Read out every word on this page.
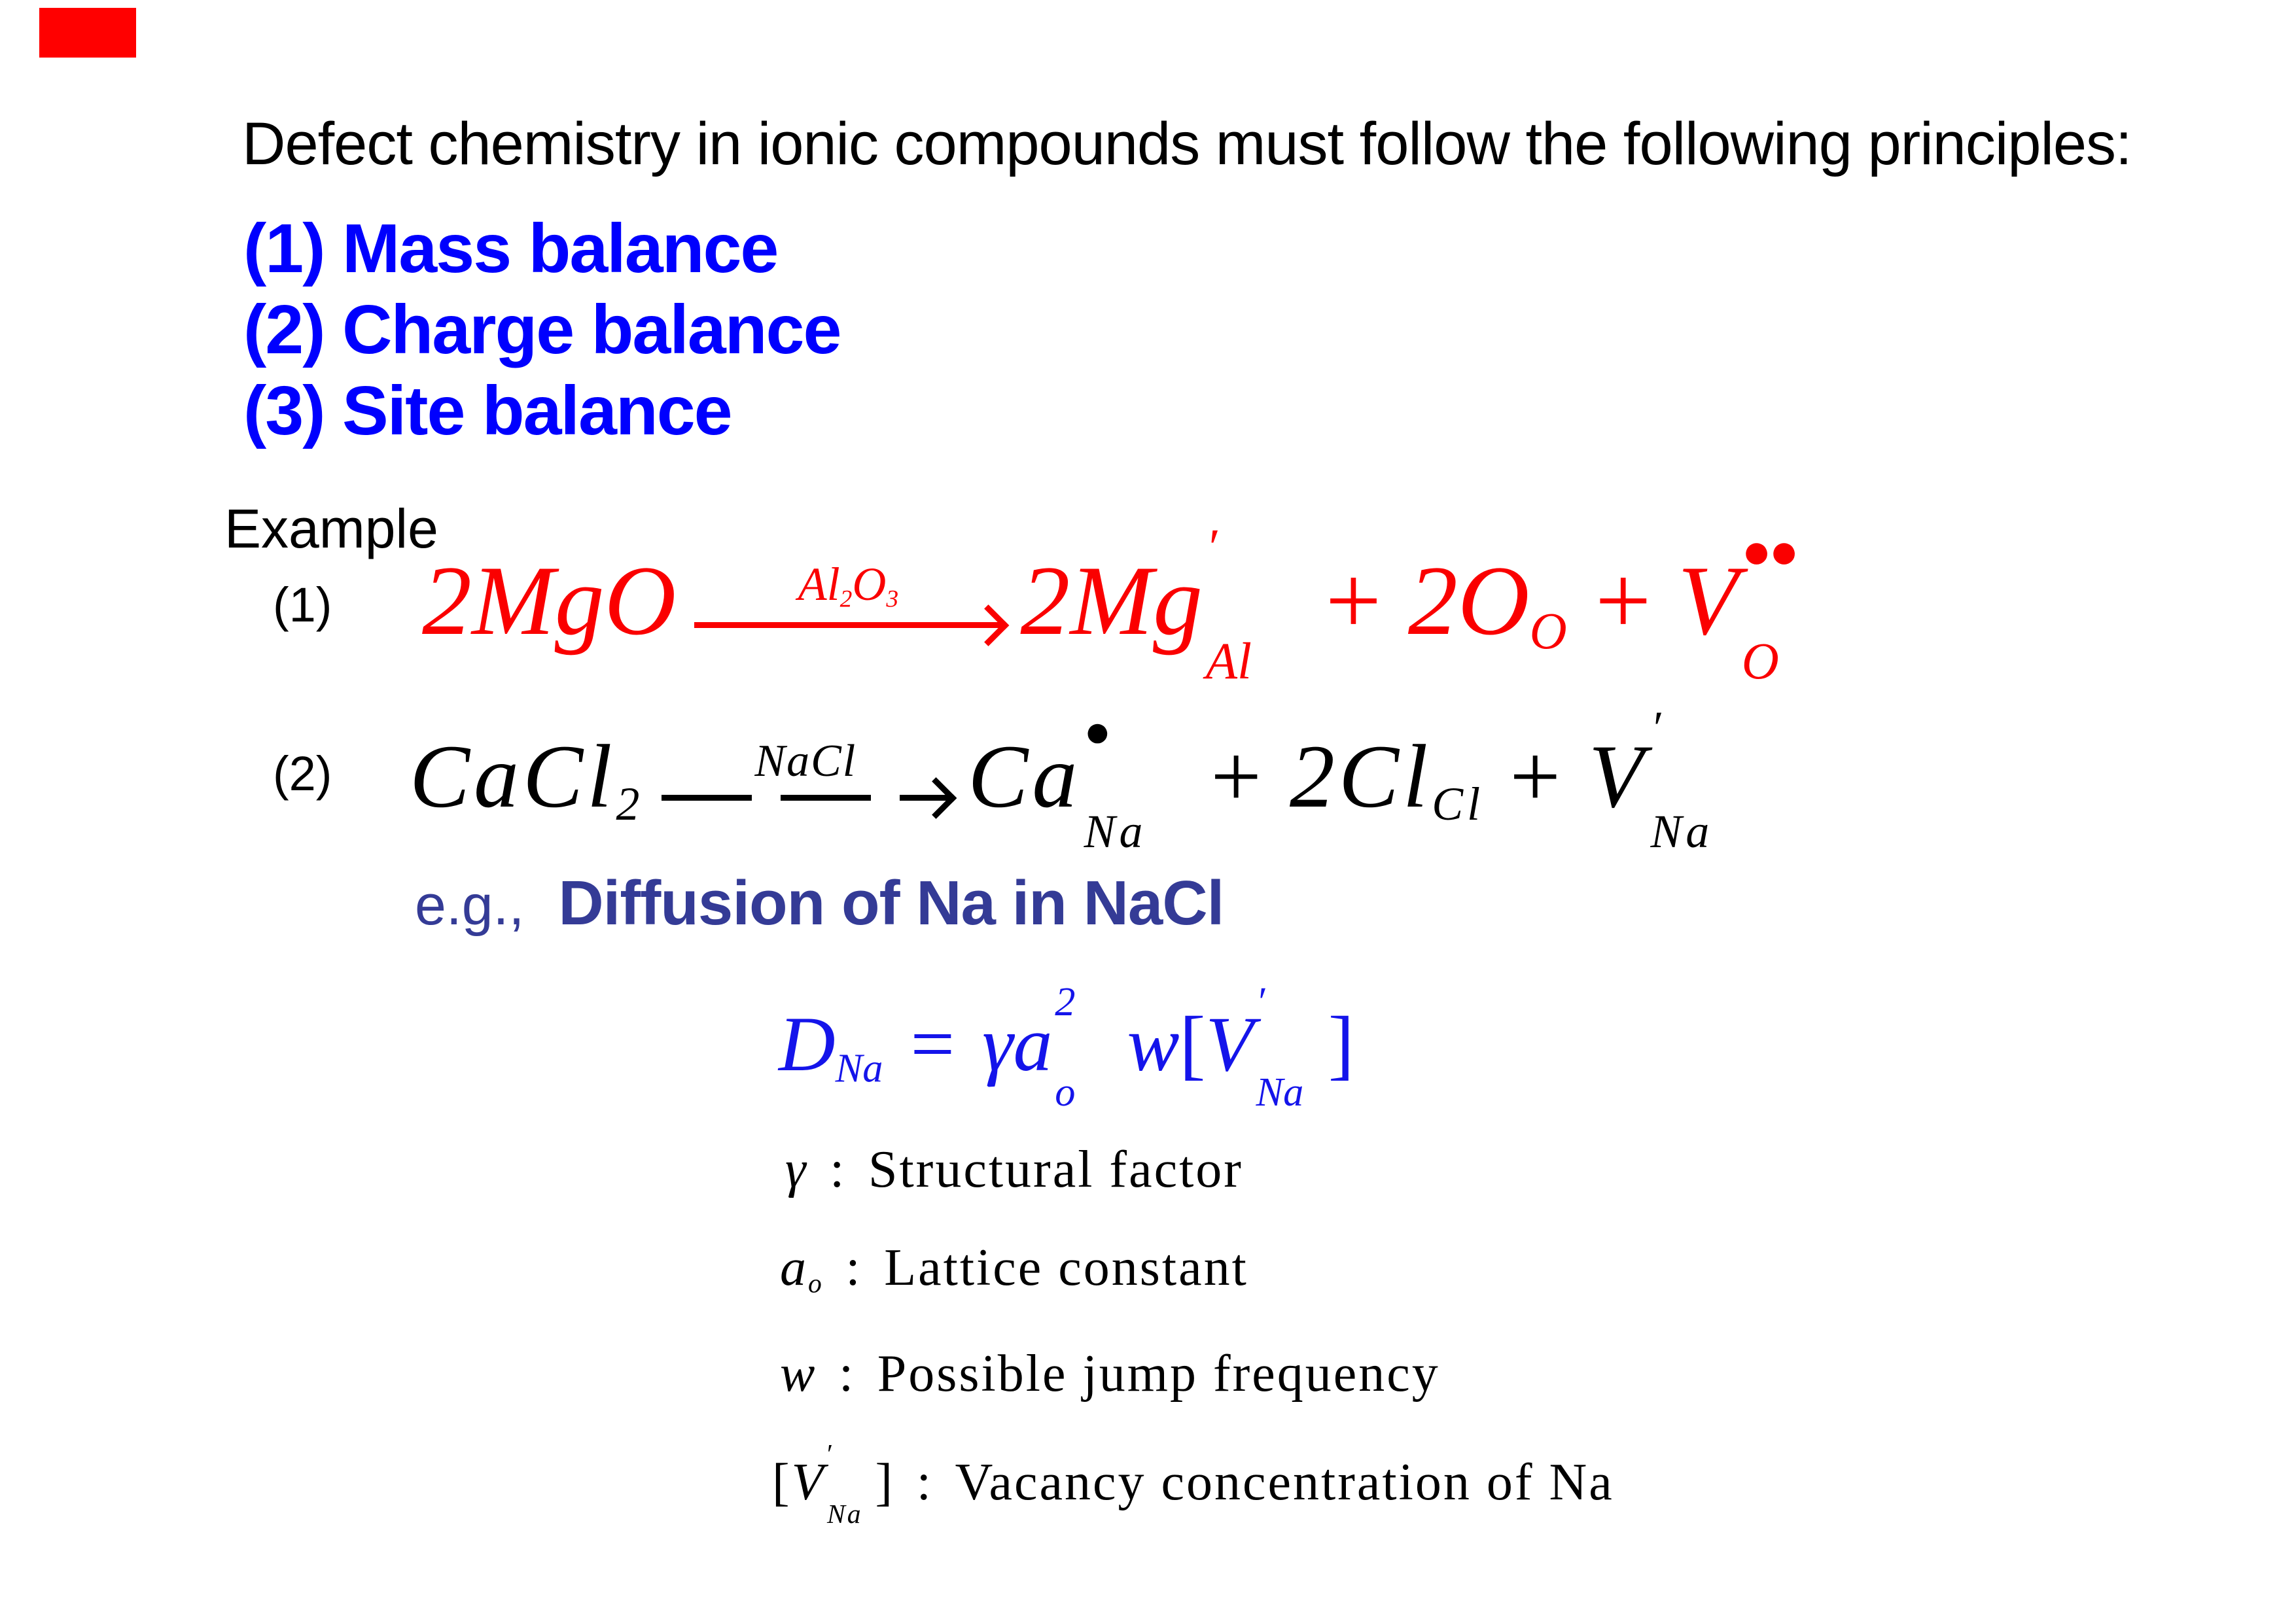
Defect chemistry in ionic compounds must follow the following principles:
(1) Mass balance
(2) Charge balance
(3) Site balance
Example
(1) 2MgO	$Al_2O_3$ 2Mg ′
Al
+ $2O_O + V$ ●●
O
(2) CaCl$_2$
NaCl Ca ●
Na
+ $2Cl_{Cl} + V$ ′
Na
e.g., Diffusion of Na in NaCl
$D_{Na} = \gamma$ a 2
o
w [ V ′
Na
]
γ : Structural factor
$a_o$ : Lattice constant
w : Possible jump frequency
[V ′
Na
] : Vacancy concentration of Na
